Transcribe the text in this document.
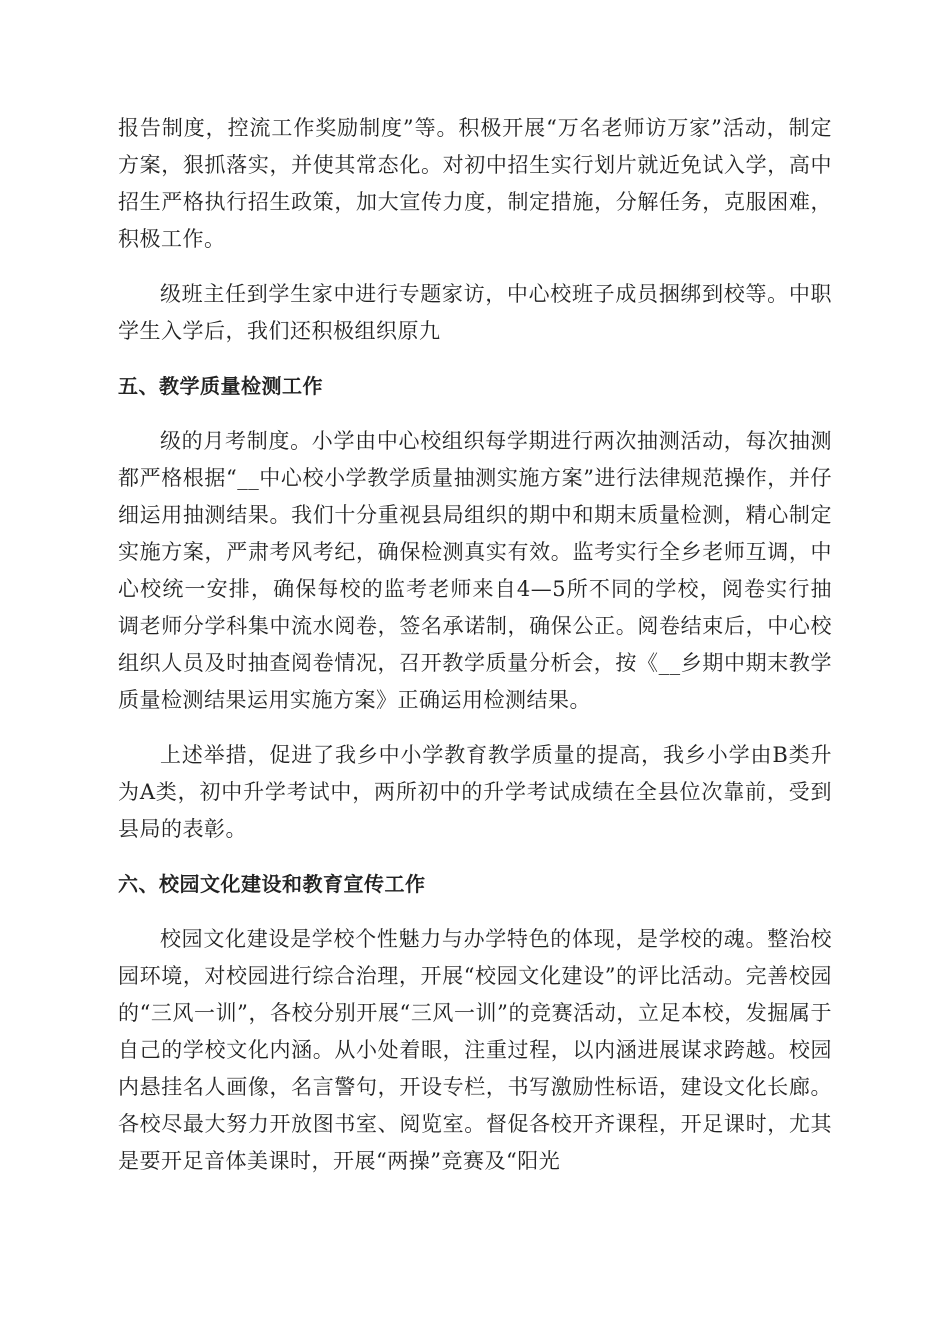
报告制度，控流工作奖励制度”等。积极开展“万名老师访万家”活动，制定方案，狠抓落实，并使其常态化。对初中招生实行划片就近免试入学，高中招生严格执行招生政策，加大宣传力度，制定措施，分解任务，克服困难，积极工作。

级班主任到学生家中进行专题家访，中心校班子成员捆绑到校等。中职学生入学后，我们还积极组织原九

五、教学质量检测工作

级的月考制度。小学由中心校组织每学期进行两次抽测活动，每次抽测都严格根据“__中心校小学教学质量抽测实施方案”进行法律规范操作，并仔细运用抽测结果。我们十分重视县局组织的期中和期末质量检测，精心制定实施方案，严肃考风考纪，确保检测真实有效。监考实行全乡老师互调，中心校统一安排，确保每校的监考老师来自4—5所不同的学校，阅卷实行抽调老师分学科集中流水阅卷，签名承诺制，确保公正。阅卷结束后，中心校组织人员及时抽查阅卷情况，召开教学质量分析会，按《__乡期中期末教学质量检测结果运用实施方案》正确运用检测结果。

上述举措，促进了我乡中小学教育教学质量的提高，我乡小学由B类升为A类，初中升学考试中，两所初中的升学考试成绩在全县位次靠前，受到县局的表彰。

六、校园文化建设和教育宣传工作

校园文化建设是学校个性魅力与办学特色的体现，是学校的魂。整治校园环境，对校园进行综合治理，开展“校园文化建设”的评比活动。完善校园的“三风一训”，各校分别开展“三风一训”的竞赛活动，立足本校，发掘属于自己的学校文化内涵。从小处着眼，注重过程，以内涵进展谋求跨越。校园内悬挂名人画像，名言警句，开设专栏，书写激励性标语，建设文化长廊。各校尽最大努力开放图书室、阅览室。督促各校开齐课程，开足课时，尤其是要开足音体美课时，开展“两操”竞赛及“阳光
